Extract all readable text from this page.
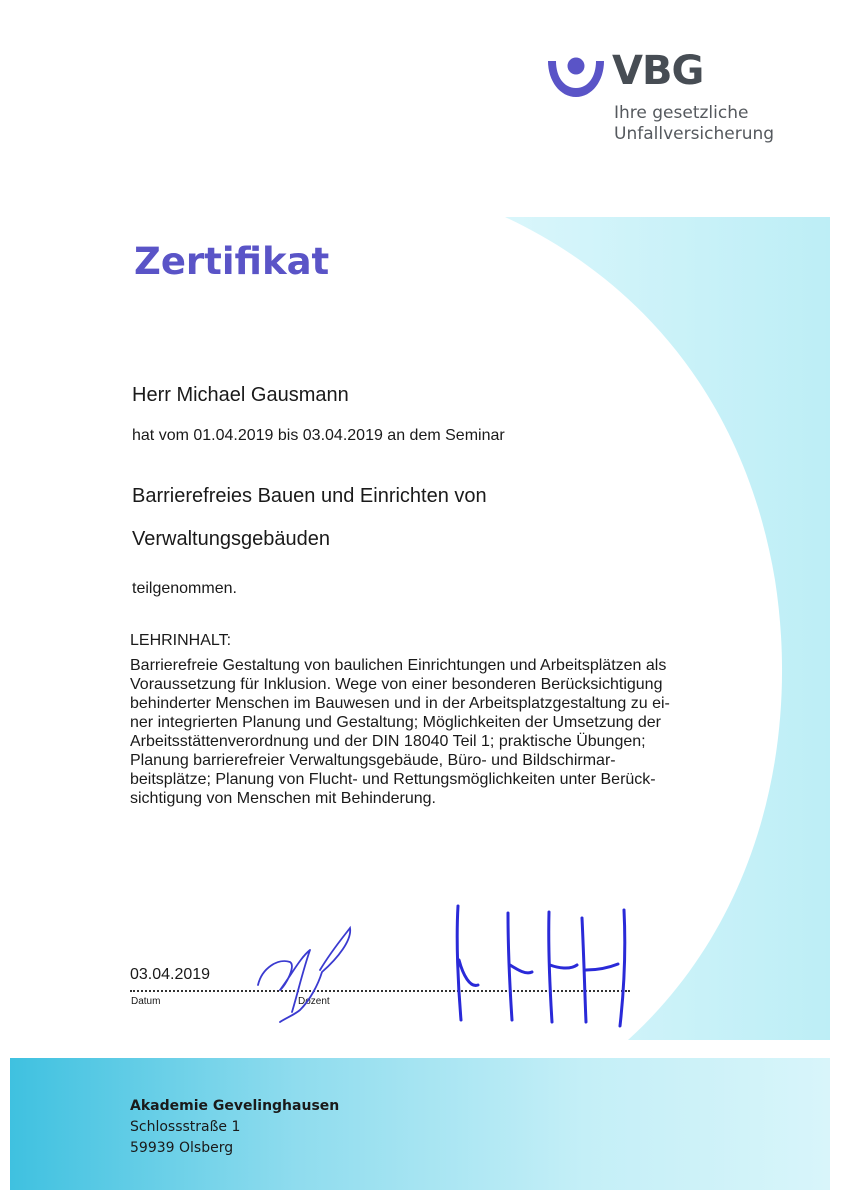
VBG
Ihre gesetzliche
Unfallversicherung
Zertifikat
Herr Michael Gausmann
hat vom 01.04.2019 bis 03.04.2019 an dem Seminar
Barrierefreies Bauen und Einrichten von
Verwaltungsgebäuden
teilgenommen.
LEHRINHALT:
Barrierefreie Gestaltung von baulichen Einrichtungen und Arbeitsplätzen als
Voraussetzung für Inklusion. Wege von einer besonderen Berücksichtigung
behinderter Menschen im Bauwesen und in der Arbeitsplatzgestaltung zu ei-
ner integrierten Planung und Gestaltung; Möglichkeiten der Umsetzung der
Arbeitsstättenverordnung und der DIN 18040 Teil 1; praktische Übungen;
Planung barrierefreier Verwaltungsgebäude, Büro- und Bildschirmar-
beitsplätze; Planung von Flucht- und Rettungsmöglichkeiten unter Berück-
sichtigung von Menschen mit Behinderung.
03.04.2019
Datum	Dozent
Akademie Gevelinghausen
Schlossstraße 1
59939 Olsberg
